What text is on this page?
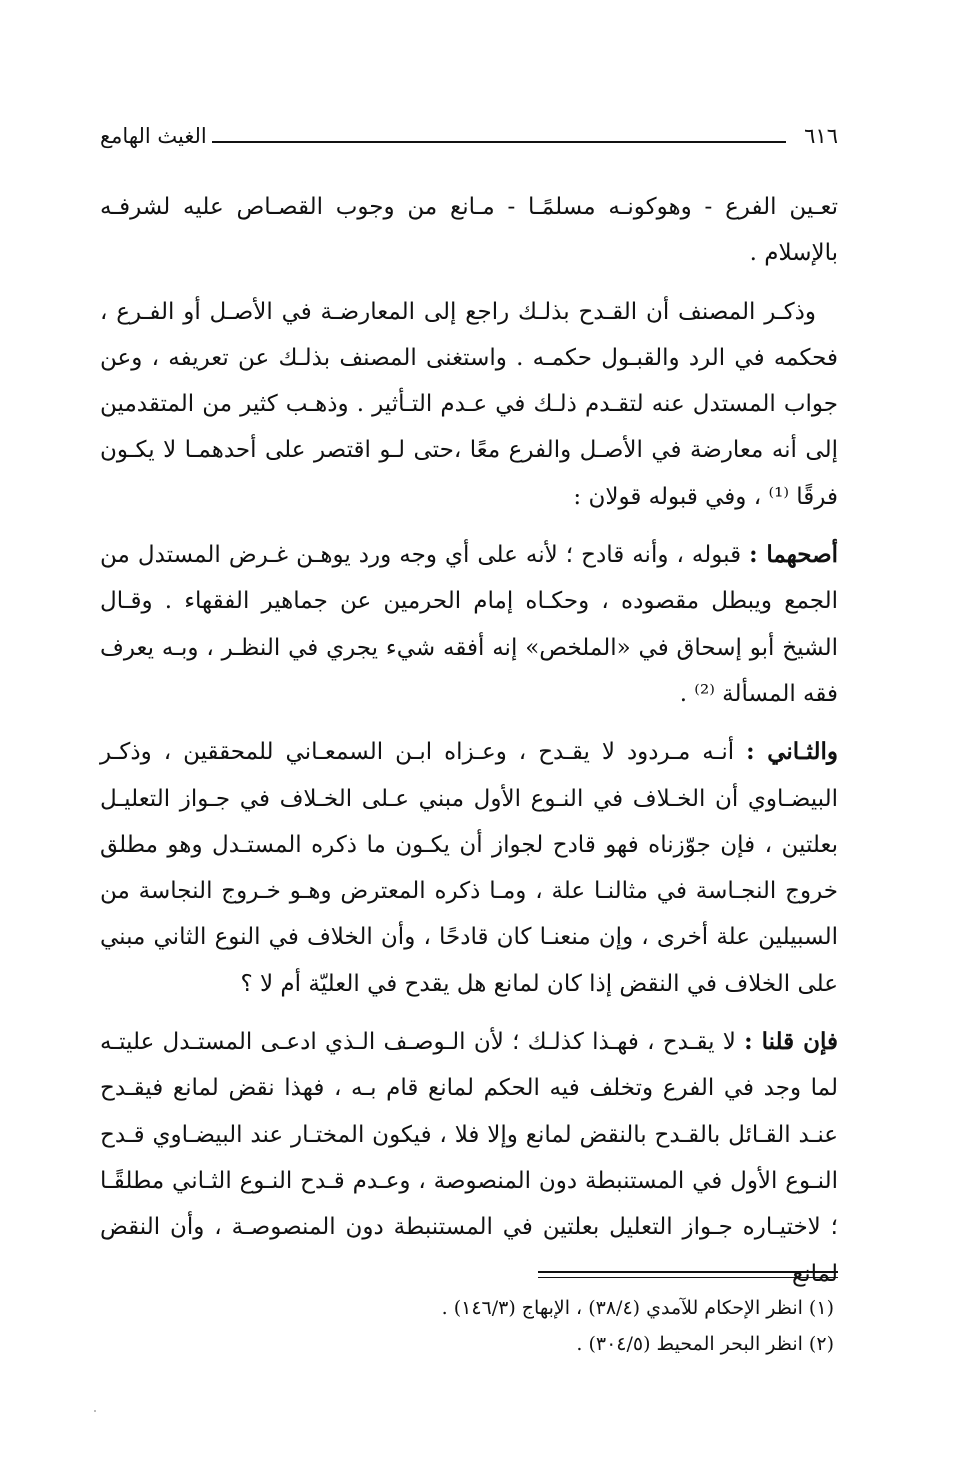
الغيث الهامع	٦١٦

تعـين الفرع - وهوكونـه مسلمًـا - مـانع من وجوب القصـاص عليه لشرفـه بالإسلام .

وذكـر المصنف أن القـدح بذلـك راجع إلى المعارضـة في الأصـل أو الفـرع ، فحكمه في الرد والقبـول حكمـه . واستغنى المصنف بذلـك عن تعريفه ، وعن جواب المستدل عنه لتقـدم ذلـك في عـدم التـأثير . وذهـب كثير من المتقدمين إلى أنه معارضة في الأصـل والفرع معًا ،حتى لـو اقتصر على أحدهمـا لا يكـون فرقًا ⁽¹⁾ ، وفي قبوله قولان :

أصحهما : قبوله ، وأنه قادح ؛ لأنه على أي وجه ورد يوهـن غـرض المستدل من الجمع ويبطل مقصوده ، وحكـاه إمام الحرمين عن جماهير الفقهاء . وقـال الشيخ أبو إسحاق في «الملخص» إنه أفقه شيء يجري في النظـر ، وبـه يعرف فقه المسألة ⁽²⁾ .

والثـاني : أنـه مـردود لا يقـدح ، وعـزاه ابـن السمعـاني للمحققين ، وذكـر البيضـاوي أن الخـلاف في النـوع الأول مبني عـلى الخـلاف في جـواز التعليـل بعلتين ، فإن جوّزناه فهو قادح لجواز أن يكـون ما ذكره المستـدل وهو مطلق خروج النجـاسة في مثالنـا علة ، ومـا ذكره المعترض وهـو خـروج النجاسة من السبيلين علة أخرى ، وإن منعنـا كان قادحًا ، وأن الخلاف في النوع الثاني مبني على الخلاف في النقض إذا كان لمانع هل يقدح في العليّة أم لا ؟

فإن قلنا : لا يقـدح ، فهـذا كذلـك ؛ لأن الـوصـف الـذي ادعـى المستـدل عليتـه لما وجد في الفرع وتخلف فيه الحكم لمانع قام بـه ، فهذا نقض لمانع فيقـدح عنـد القـائل بالقـدح بالنقض لمانع وإلا فلا ، فيكون المختـار عند البيضـاوي قـدح النـوع الأول في المستنبطة دون المنصوصة ، وعـدم قـدح النـوع الثـاني مطلقًـا ؛ لاختيـاره جـواز التعليل بعلتين في المستنبطة دون المنصوصـة ، وأن النقض لمانع

(١) انظر الإحكام للآمدي (٣٨/٤) ، الإبهاج (١٤٦/٣) .
(٢) انظر البحر المحيط (٣٠٤/٥) .
